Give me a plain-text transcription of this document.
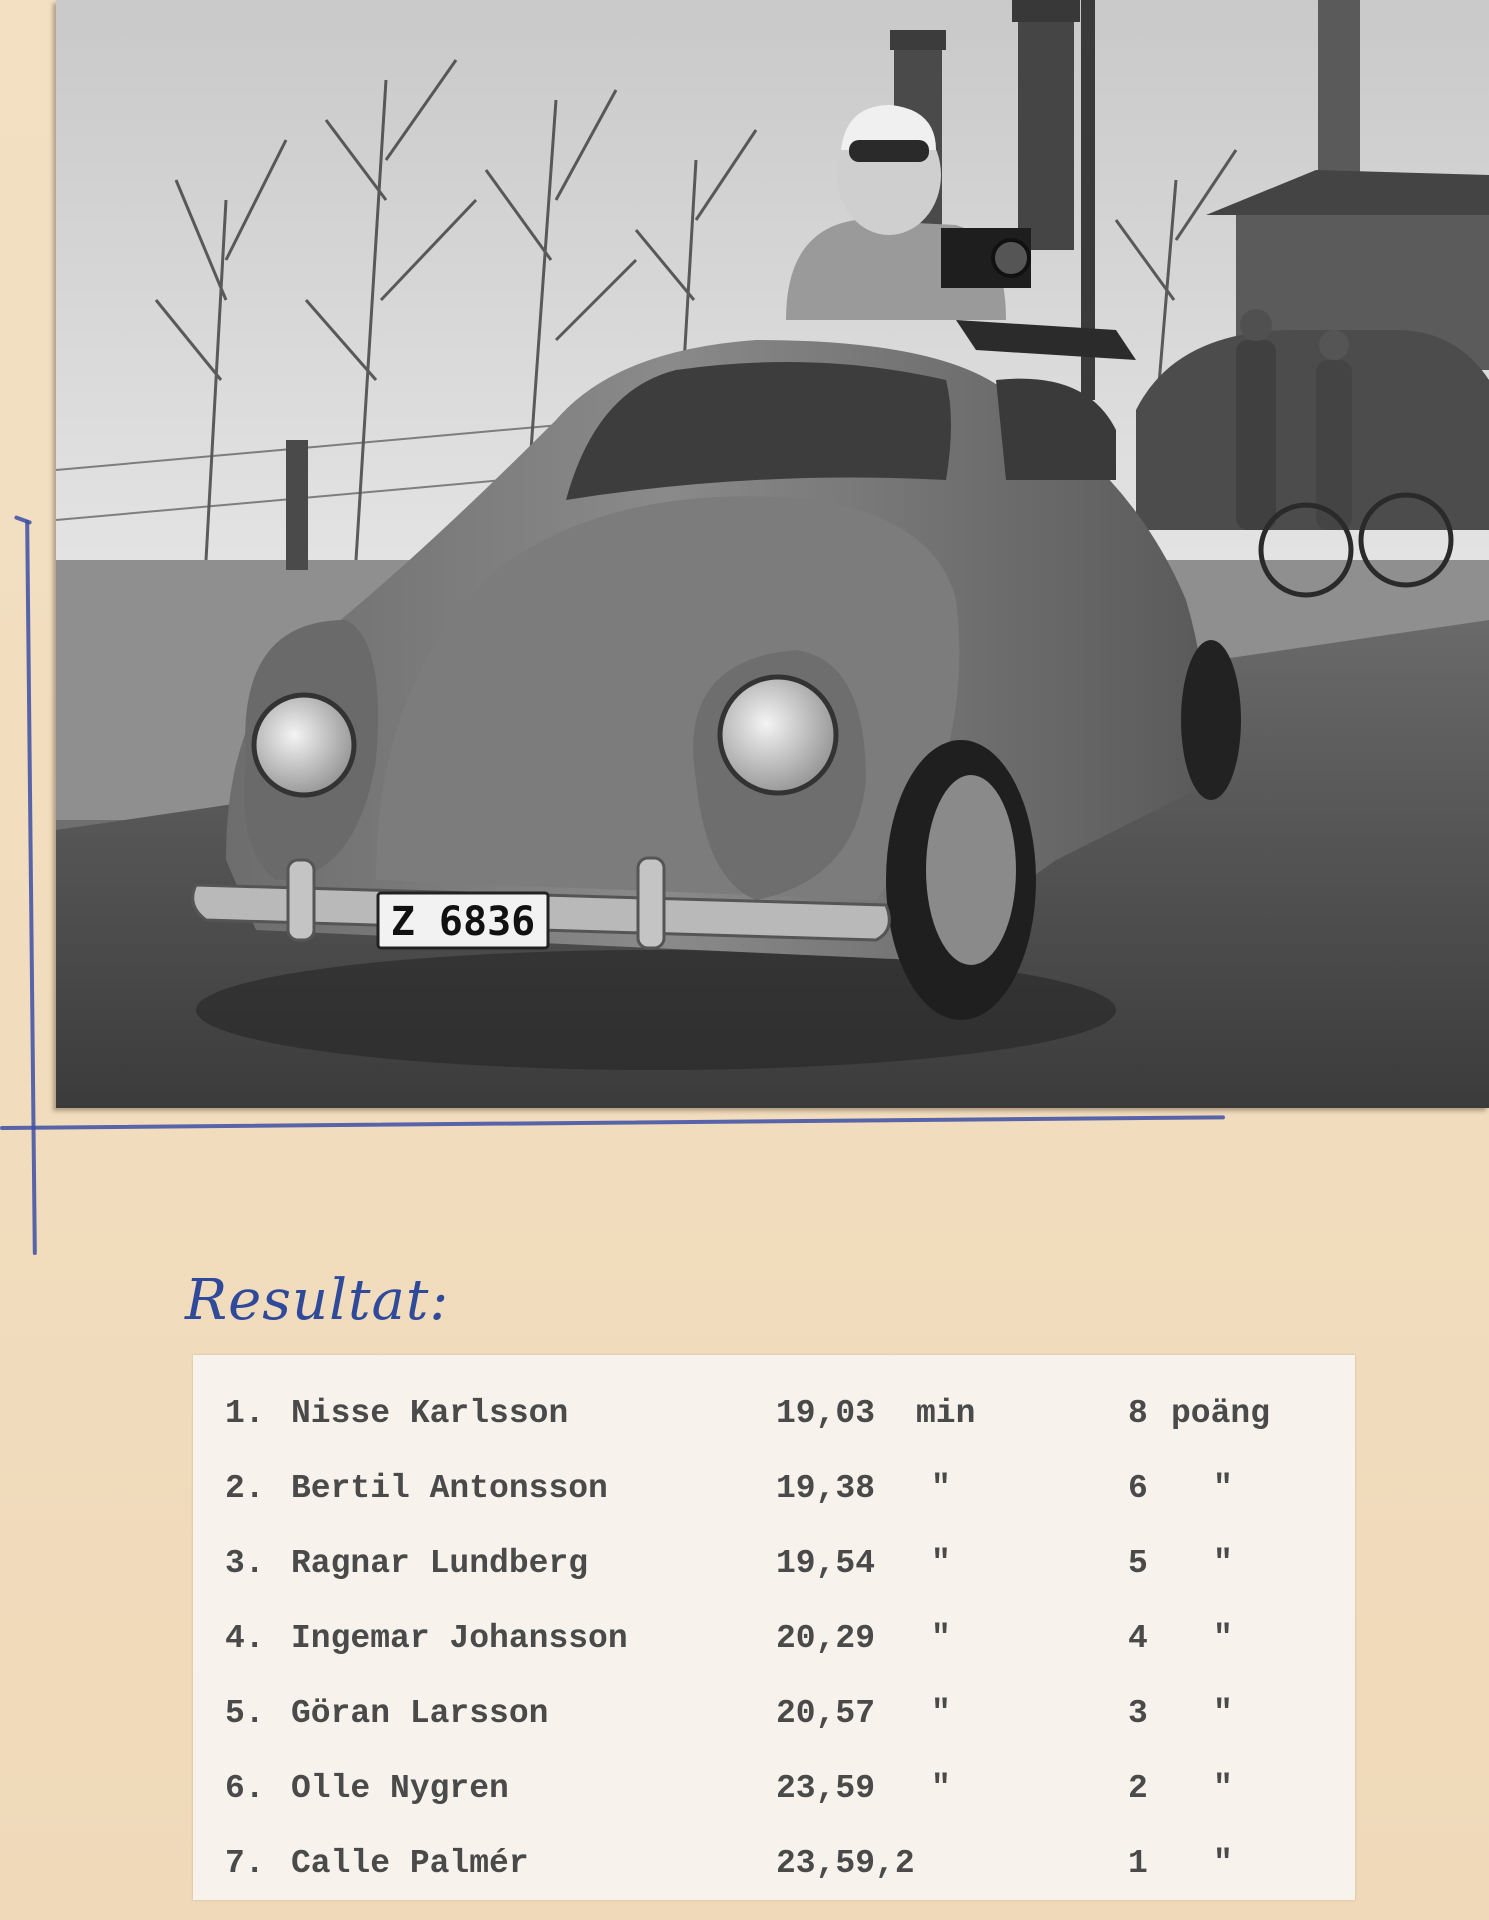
Z 6836
Resultat:
1. Nisse Karlsson	19,03 min	8 poäng
2. Bertil Antonsson	19,38 "	6 "
3. Ragnar Lundberg	19,54 "	5 "
4. Ingemar Johansson	20,29 "	4 "
5. Göran Larsson	20,57 "	3 "
6. Olle Nygren	23,59 "	2 "
7. Calle Palmér	23,59,2	1 "
